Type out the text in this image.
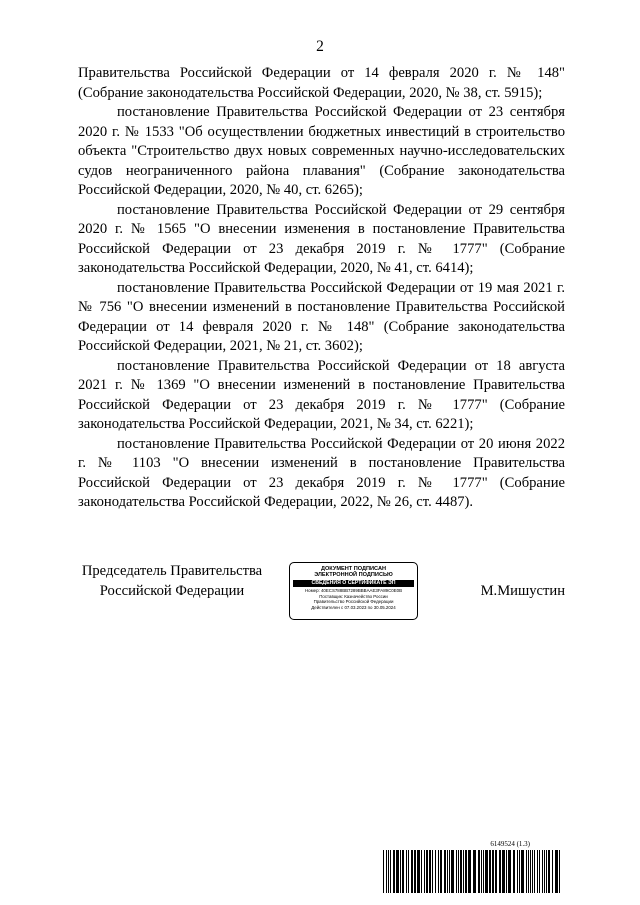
2

Правительства Российской Федерации от 14 февраля 2020 г. № 148" (Собрание законодательства Российской Федерации, 2020, № 38, ст. 5915);

постановление Правительства Российской Федерации от 23 сентября 2020 г. № 1533 "Об осуществлении бюджетных инвестиций в строительство объекта "Строительство двух новых современных научно-исследовательских судов неограниченного района плавания" (Собрание законодательства Российской Федерации, 2020, № 40, ст. 6265);

постановление Правительства Российской Федерации от 29 сентября 2020 г. № 1565 "О внесении изменения в постановление Правительства Российской Федерации от 23 декабря 2019 г. № 1777" (Собрание законодательства Российской Федерации, 2020, № 41, ст. 6414);

постановление Правительства Российской Федерации от 19 мая 2021 г. № 756 "О внесении изменений в постановление Правительства Российской Федерации от 14 февраля 2020 г. № 148" (Собрание законодательства Российской Федерации, 2021, № 21, ст. 3602);

постановление Правительства Российской Федерации от 18 августа 2021 г. № 1369 "О внесении изменений в постановление Правительства Российской Федерации от 23 декабря 2019 г. № 1777" (Собрание законодательства Российской Федерации, 2021, № 34, ст. 6221);

постановление Правительства Российской Федерации от 20 июня 2022 г. № 1103 "О внесении изменений в постановление Правительства Российской Федерации от 23 декабря 2019 г. № 1777" (Собрание законодательства Российской Федерации, 2022, № 26, ст. 4487).

Председатель Правительства
Российской Федерации
ДОКУМЕНТ ПОДПИСАН
ЭЛЕКТРОННОЙ ПОДПИСЬЮ
СВЕДЕНИЯ О СЕРТИФИКАТЕ ЭП
Номер: 40ECS788BB7289BBBAAE3FA89C0E0B
Поставщик: Казначейство России
Правительство Российской Федерации
Действителен с 07.03.2023 по 30.05.2024
М.Мишустин
6149524 (1.3)
